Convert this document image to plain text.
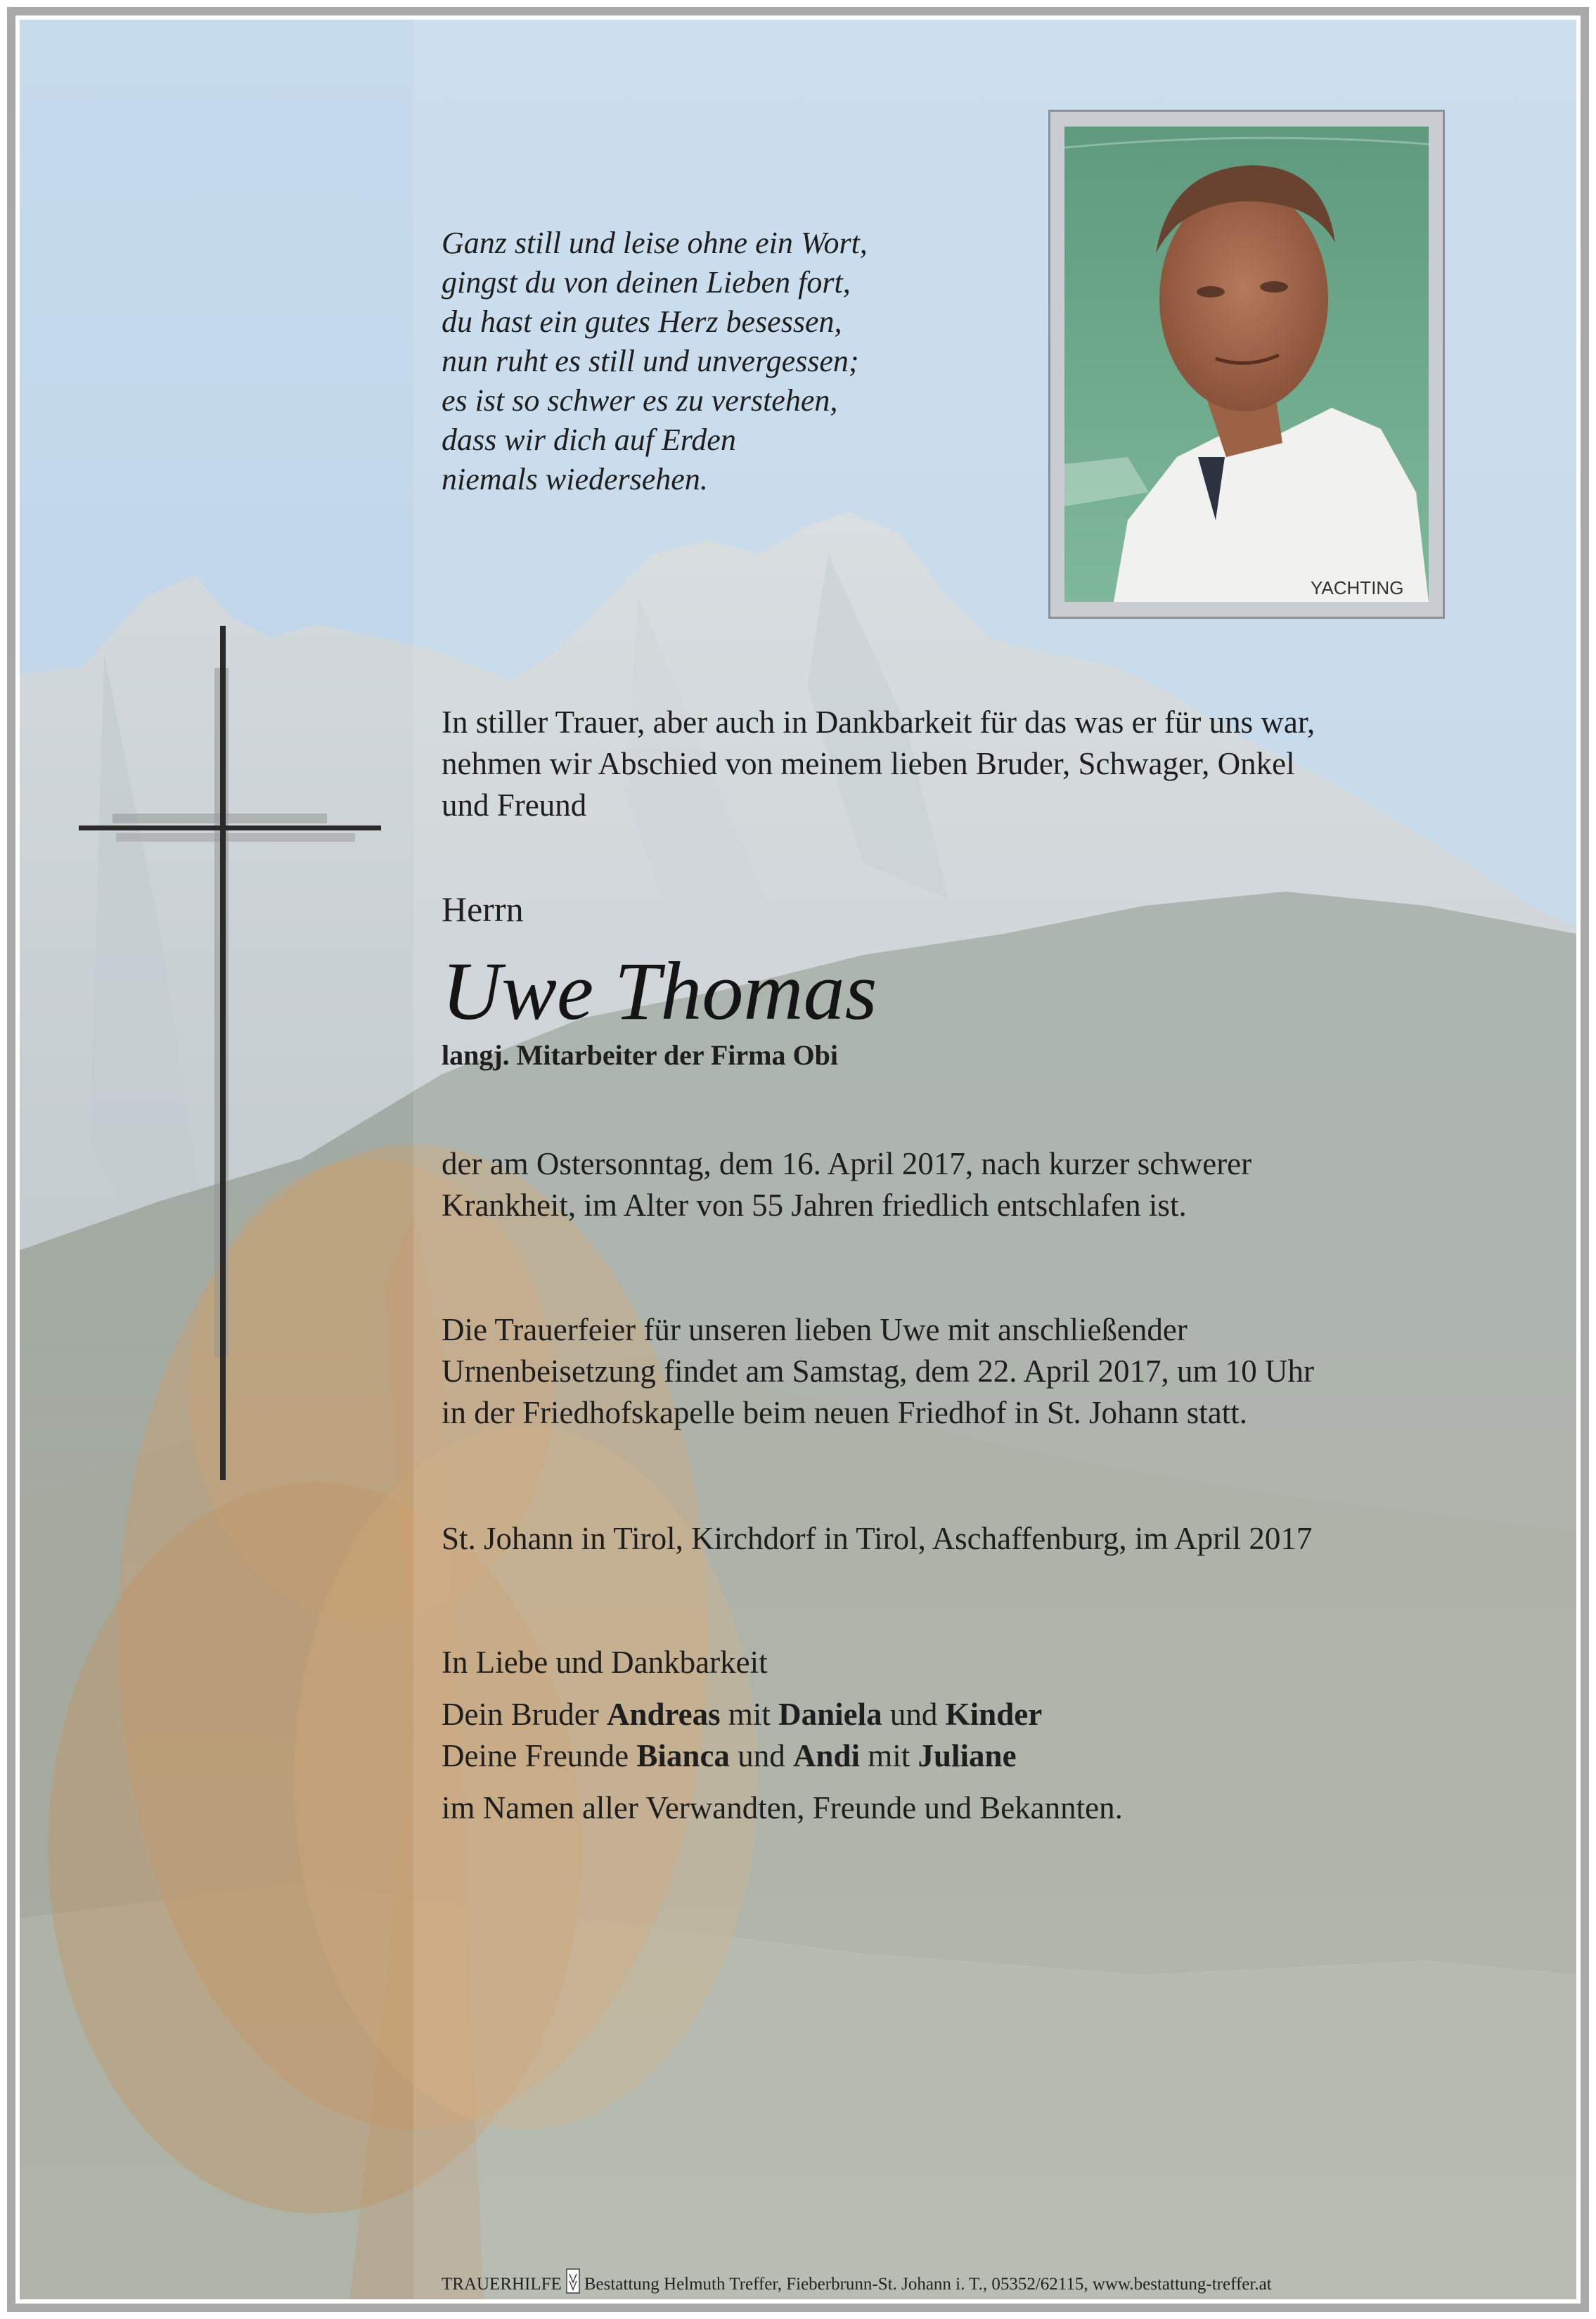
Ganz still und leise ohne ein Wort,
gingst du von deinen Lieben fort,
du hast ein gutes Herz besessen,
nun ruht es still und unvergessen;
es ist so schwer es zu verstehen,
dass wir dich auf Erden
niemals wiedersehen.
YACHTING
In stiller Trauer, aber auch in Dankbarkeit für das was er für uns war,
nehmen wir Abschied von meinem lieben Bruder, Schwager, Onkel
und Freund
Herrn
Uwe Thomas
langj. Mitarbeiter der Firma Obi
der am Ostersonntag, dem 16. April 2017, nach kurzer schwerer
Krankheit, im Alter von 55 Jahren friedlich entschlafen ist.
Die Trauerfeier für unseren lieben Uwe mit anschließender
Urnenbeisetzung findet am Samstag, dem 22. April 2017, um 10 Uhr
in der Friedhofskapelle beim neuen Friedhof in St. Johann statt.
St. Johann in Tirol, Kirchdorf in Tirol, Aschaffenburg, im April 2017
In Liebe und Dankbarkeit
Dein Bruder Andreas mit Daniela und Kinder
Deine Freunde Bianca und Andi mit Juliane
im Namen aller Verwandten, Freunde und Bekannten.
TRAUERHILFE Bestattung Helmuth Treffer, Fieberbrunn-St. Johann i. T., 05352/62115, www.bestattung-treffer.at
